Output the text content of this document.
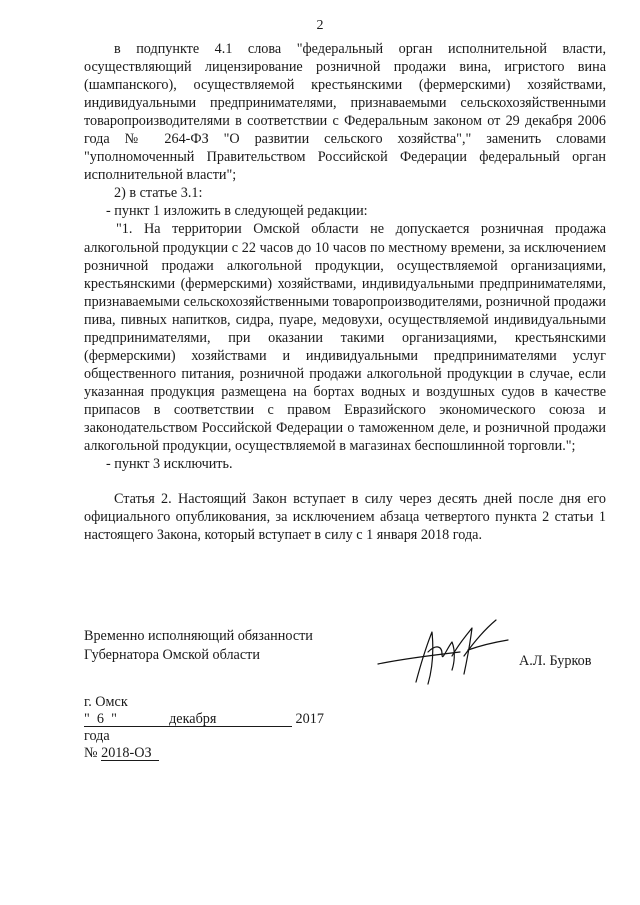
2

в подпункте 4.1 слова "федеральный орган исполнительной власти, осуществляющий лицензирование розничной продажи вина, игристого вина (шампанского), осуществляемой крестьянскими (фермерскими) хозяйствами, индивидуальными предпринимателями, признаваемыми сельскохозяйственными товаропроизводителями в соответствии с Федеральным законом от 29 декабря 2006 года № 264-ФЗ "О развитии сельского хозяйства"," заменить словами "уполномоченный Правительством Российской Федерации федеральный орган исполнительной власти";

2) в статье 3.1:

- пункт 1 изложить в следующей редакции:

"1. На территории Омской области не допускается розничная продажа алкогольной продукции с 22 часов до 10 часов по местному времени, за исключением розничной продажи алкогольной продукции, осуществляемой организациями, крестьянскими (фермерскими) хозяйствами, индивидуальными предпринимателями, признаваемыми сельскохозяйственными товаропроизводителями, розничной продажи пива, пивных напитков, сидра, пуаре, медовухи, осуществляемой индивидуальными предпринимателями, при оказании такими организациями, крестьянскими (фермерскими) хозяйствами и индивидуальными предпринимателями услуг общественного питания, розничной продажи алкогольной продукции в случае, если указанная продукция размещена на бортах водных и воздушных судов в качестве припасов в соответствии с правом Евразийского экономического союза и законодательством Российской Федерации о таможенном деле, и розничной продажи алкогольной продукции, осуществляемой в магазинах беспошлинной торговли.";

- пункт 3 исключить.

Статья 2. Настоящий Закон вступает в силу через десять дней после дня его официального опубликования, за исключением абзаца четвертого пункта 2 статьи 1 настоящего Закона, который вступает в силу с 1 января 2018 года.

Временно исполняющий обязанности
Губернатора Омской области	А.Л. Бурков
г. Омск
" 6 "	декабря	2017 года
№ 2018-ОЗ
